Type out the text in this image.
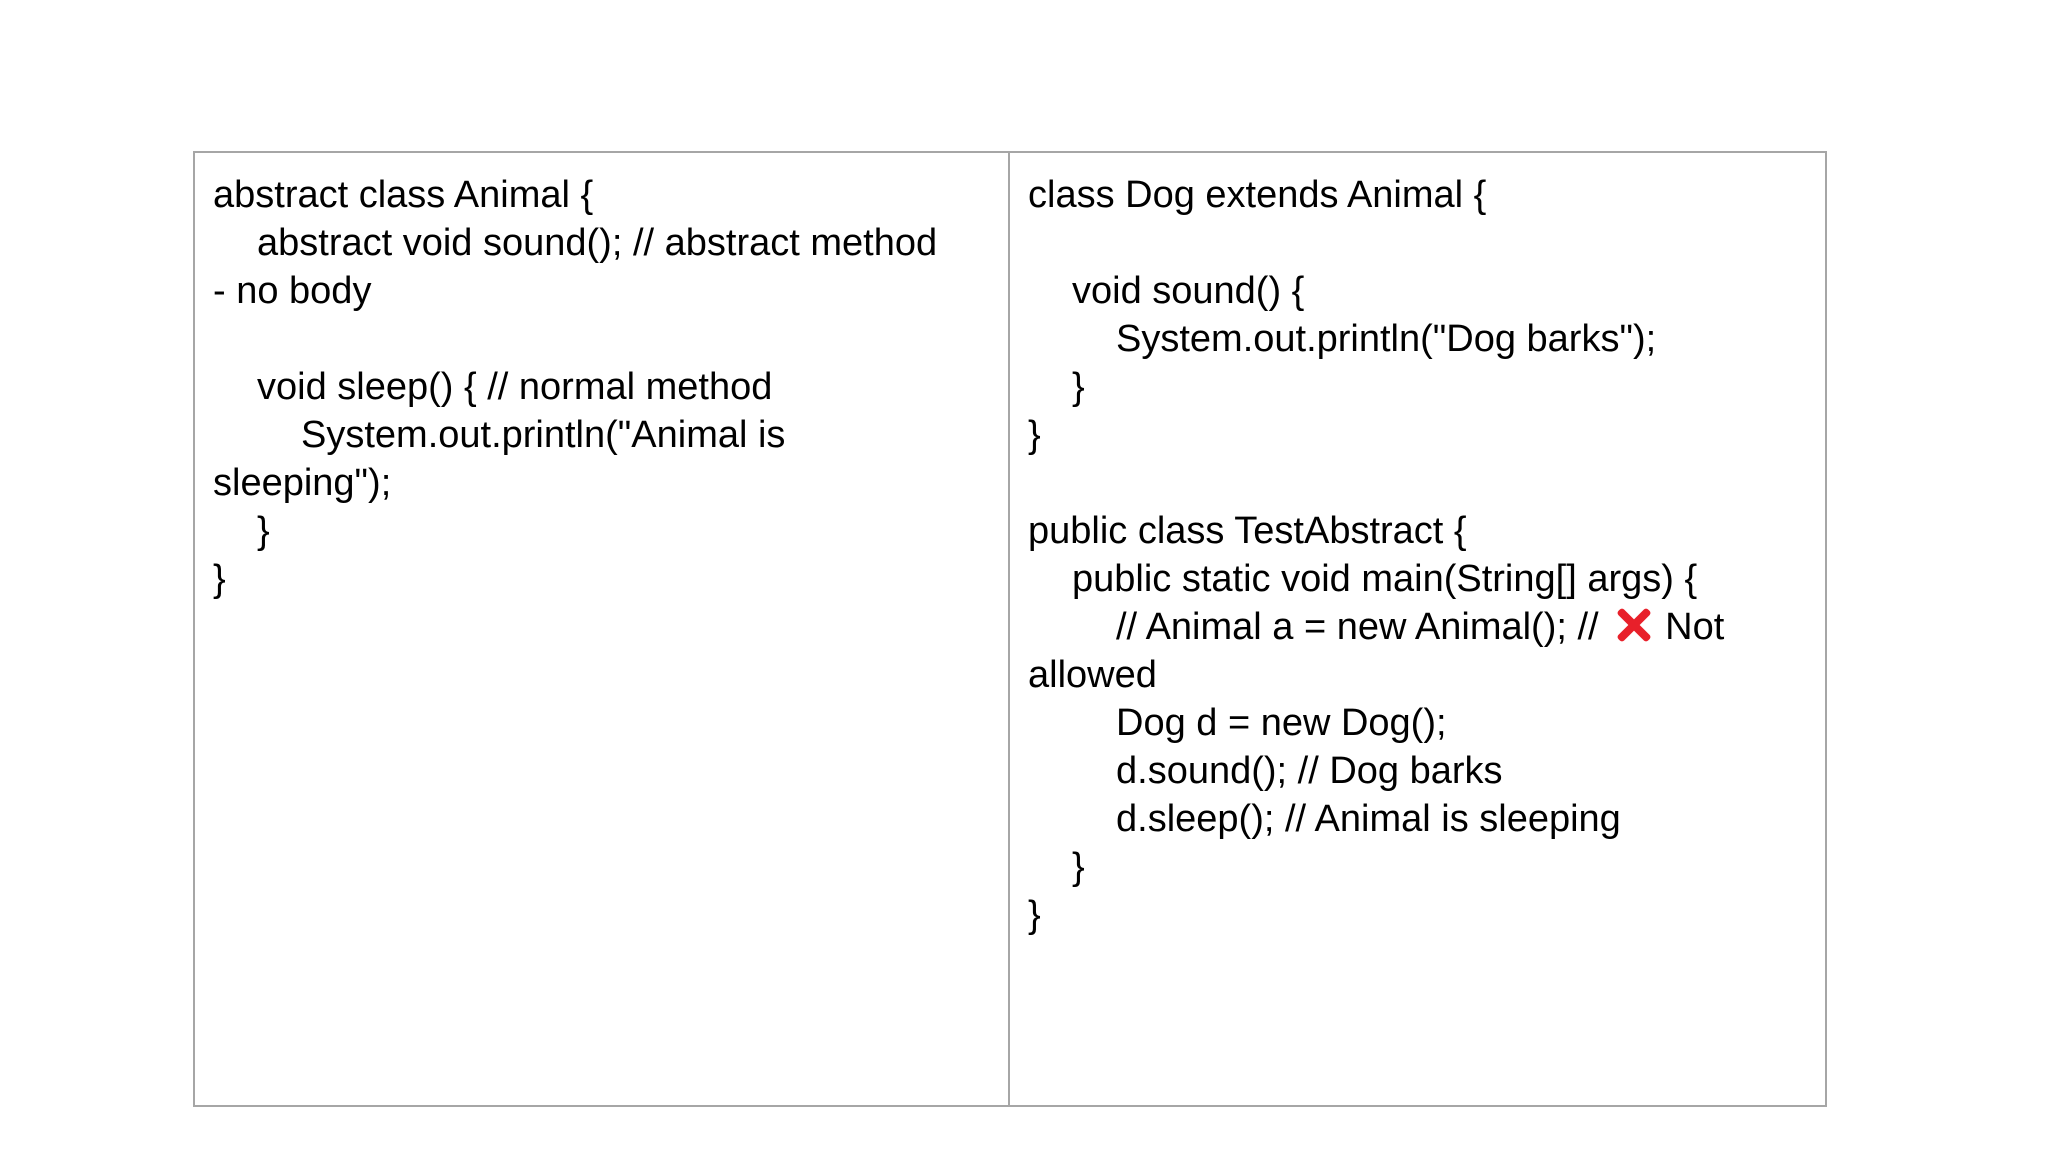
abstract class Animal {
abstract void sound(); // abstract method
- no body
void sleep() { // normal method
System.out.println("Animal is
sleeping");
}
}
class Dog extends Animal {
void sound() {
System.out.println("Dog barks");
}
}
public class TestAbstract {
public static void main(String[] args) {
// Animal a = new Animal(); // Not
allowed
Dog d = new Dog();
d.sound(); // Dog barks
d.sleep(); // Animal is sleeping
}
}
